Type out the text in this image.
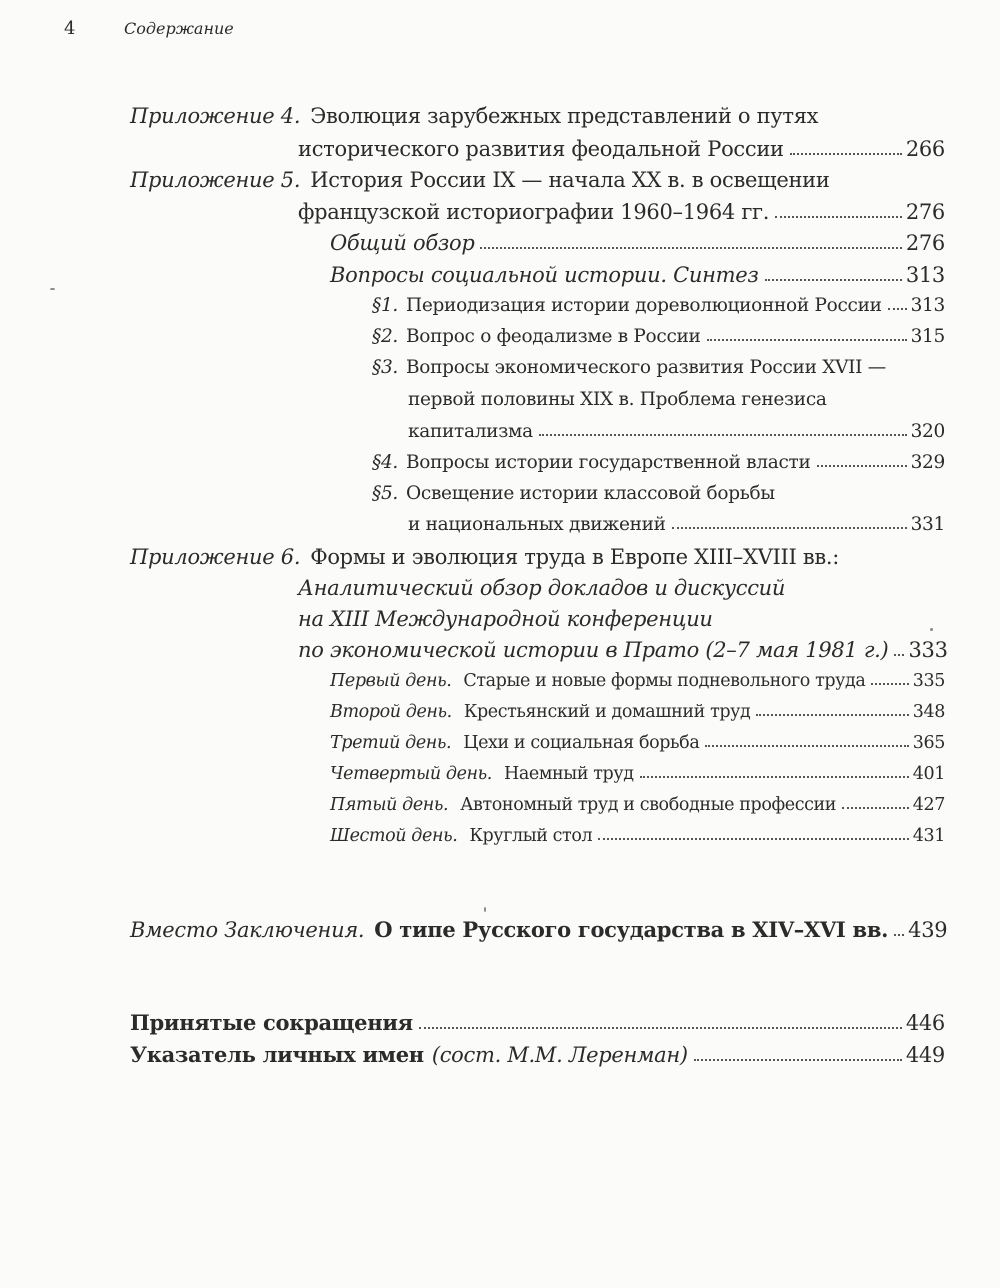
4	Содержание
Приложение 4. Эволюция зарубежных представлений о путях
исторического развития феодальной России	266
Приложение 5. История России IX — начала XX в. в освещении
французской историографии 1960–1964 гг.	276
Общий обзор	276
Вопросы социальной истории. Синтез	313
§1. Периодизация истории дореволюционной России 313
§2. Вопрос о феодализме в России	315
§3. Вопросы экономического развития России XVII —
первой половины XIX в. Проблема генезиса
капитализма	320
§4. Вопросы истории государственной власти	329
§5. Освещение истории классовой борьбы
и национальных движений	331
Приложение 6. Формы и эволюция труда в Европе XIII–XVIII вв.:
Аналитический обзор докладов и дискуссий
на XIII Международной конференции
по экономической истории в Прато (2–7 мая 1981 г.) 333
Первый день. Старые и новые формы подневольного труда	335
Второй день. Крестьянский и домашний труд	348
Третий день. Цехи и социальная борьба	365
Четвертый день. Наемный труд	401
Пятый день. Автономный труд и свободные профессии	427
Шестой день. Круглый стол	431
Вместо Заключения. О типе Русского государства в XIV–XVI вв. 439
Принятые сокращения	446
Указатель личных имен (сост. М.М. Леренман)	449
